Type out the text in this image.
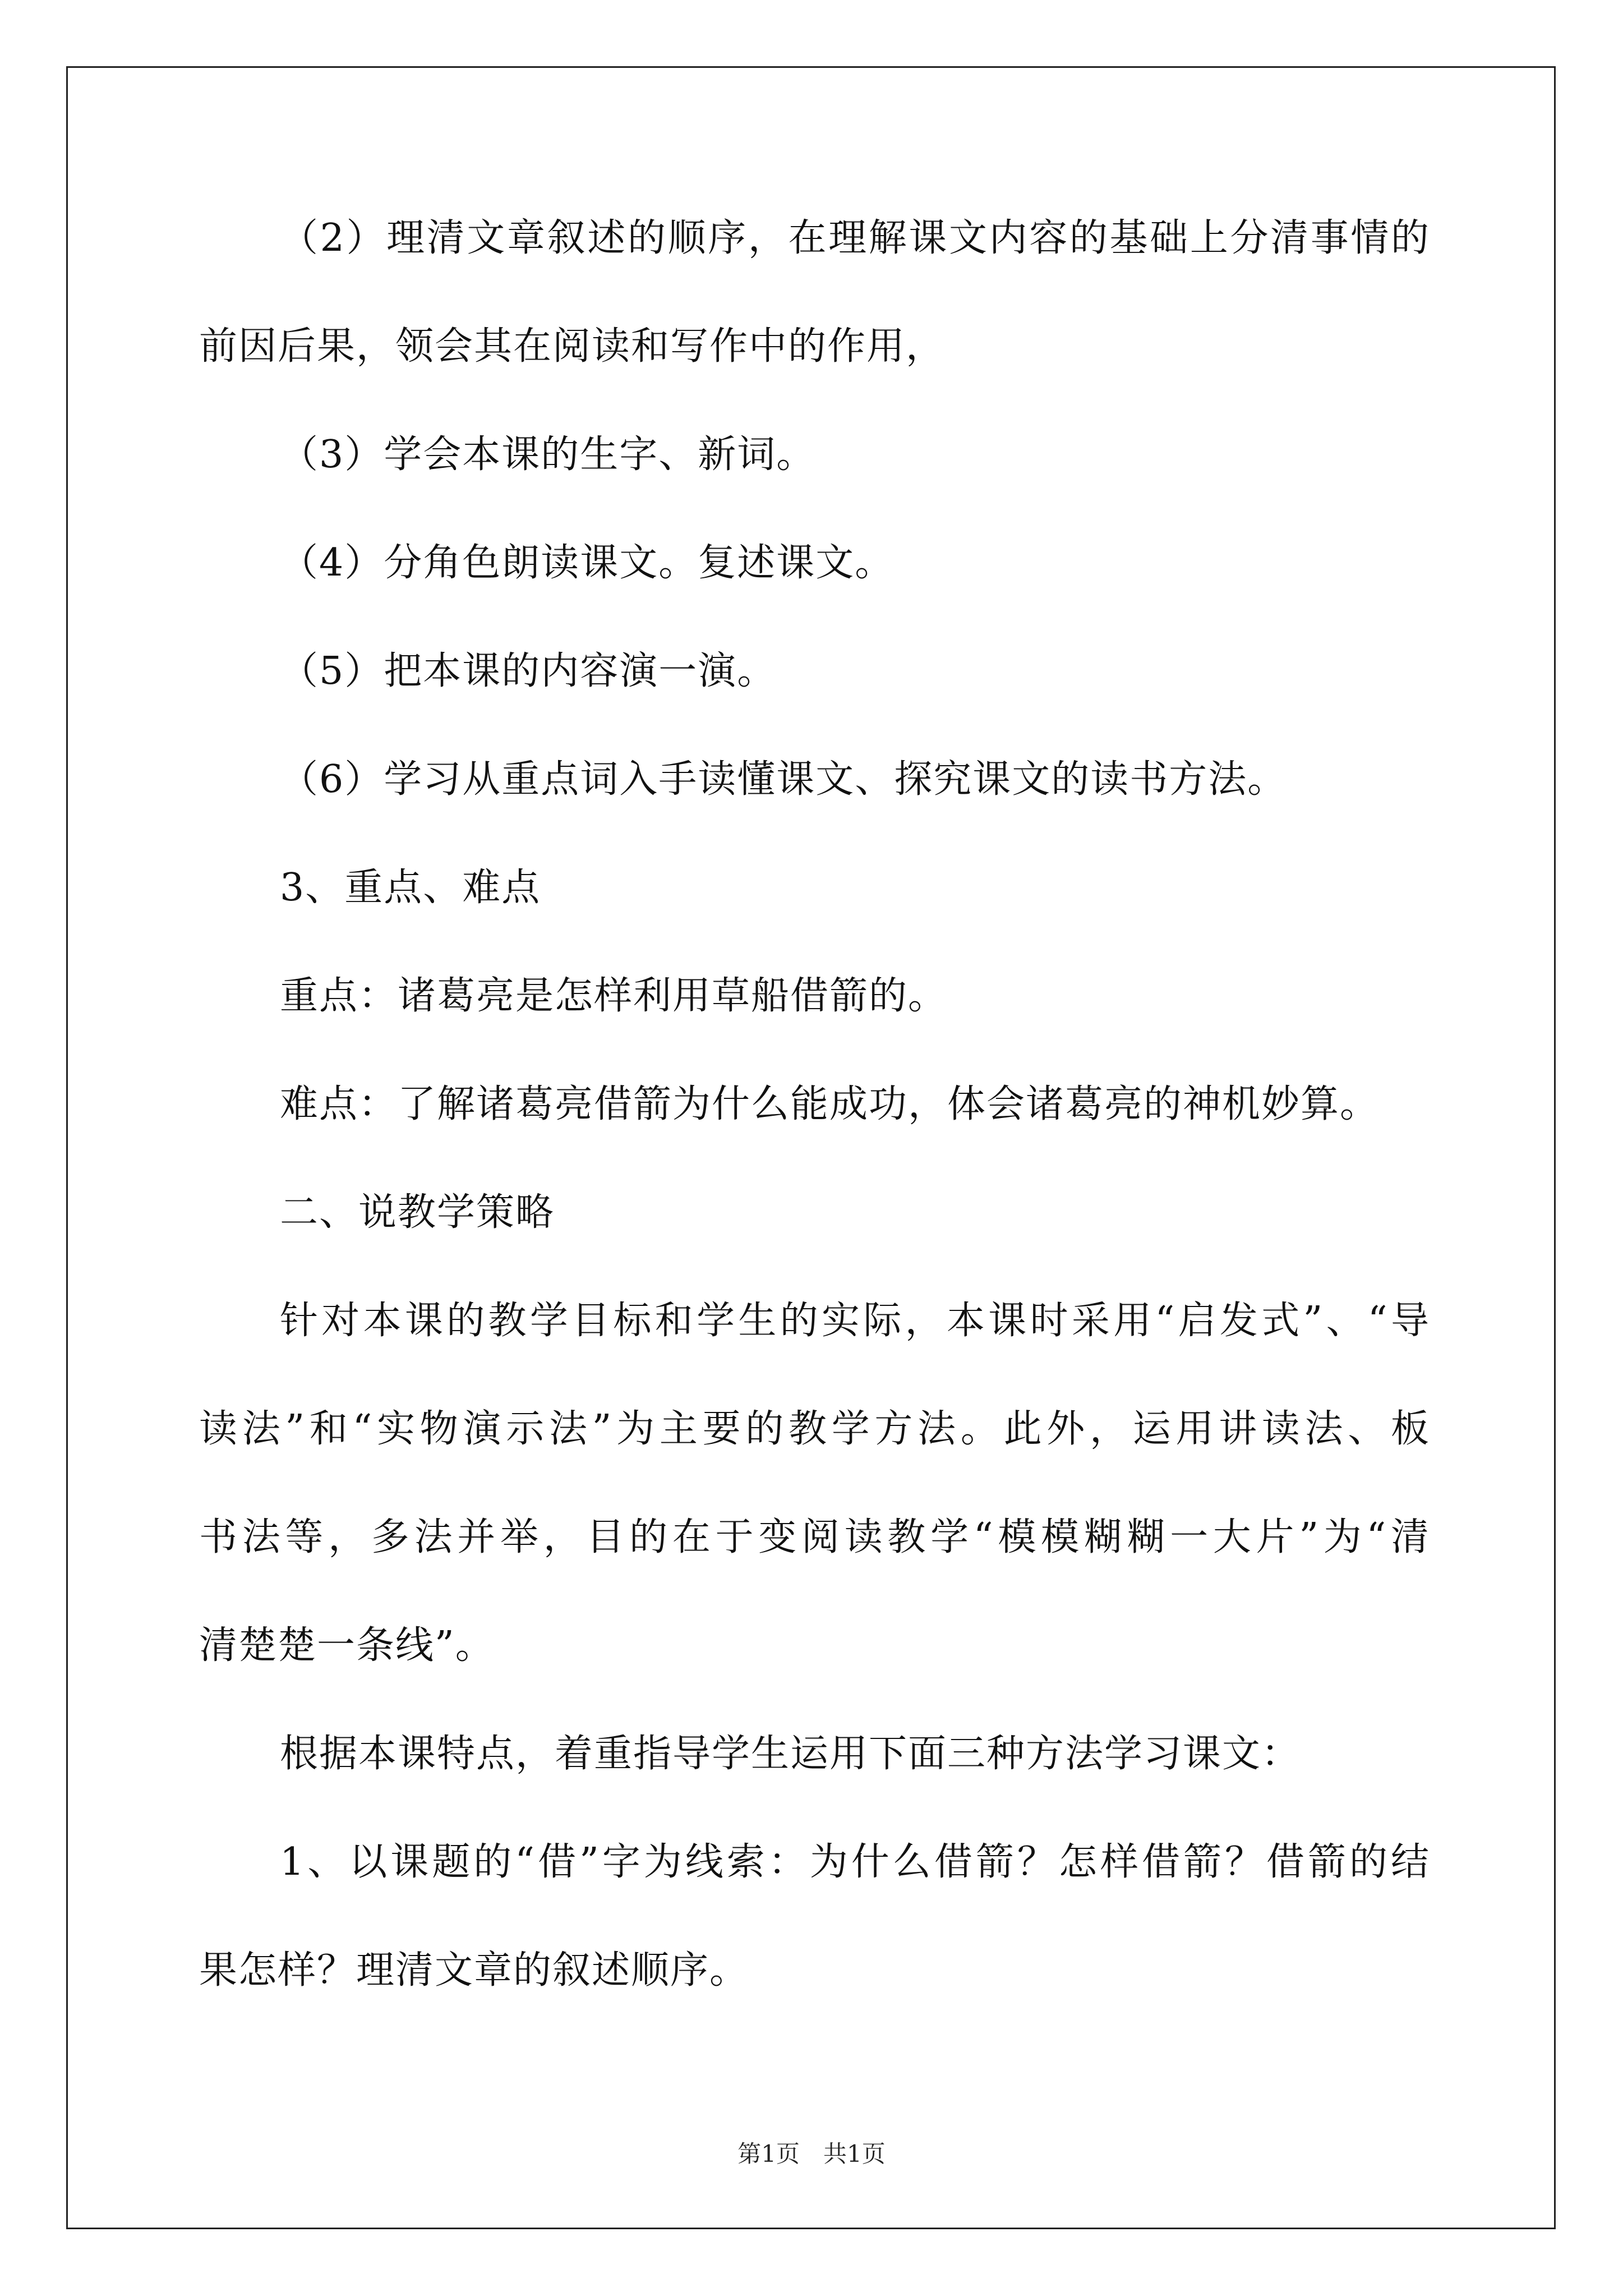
（2）理清文章叙述的顺序，在理解课文内容的基础上分清事情的
前因后果，领会其在阅读和写作中的作用，
（3）学会本课的生字、新词。
（4）分角色朗读课文。复述课文。
（5）把本课的内容演一演。
（6）学习从重点词入手读懂课文、探究课文的读书方法。
3、重点、难点
重点：诸葛亮是怎样利用草船借箭的。
难点：了解诸葛亮借箭为什么能成功，体会诸葛亮的神机妙算。
二、说教学策略
针对本课的教学目标和学生的实际，本课时采用“启发式”、“导
读法”和“实物演示法”为主要的教学方法。此外，运用讲读法、板
书法等，多法并举，目的在于变阅读教学“模模糊糊一大片”为“清
清楚楚一条线”。
根据本课特点，着重指导学生运用下面三种方法学习课文：
1、以课题的“借”字为线索：为什么借箭？怎样借箭？借箭的结
果怎样？理清文章的叙述顺序。
第1页　共1页
